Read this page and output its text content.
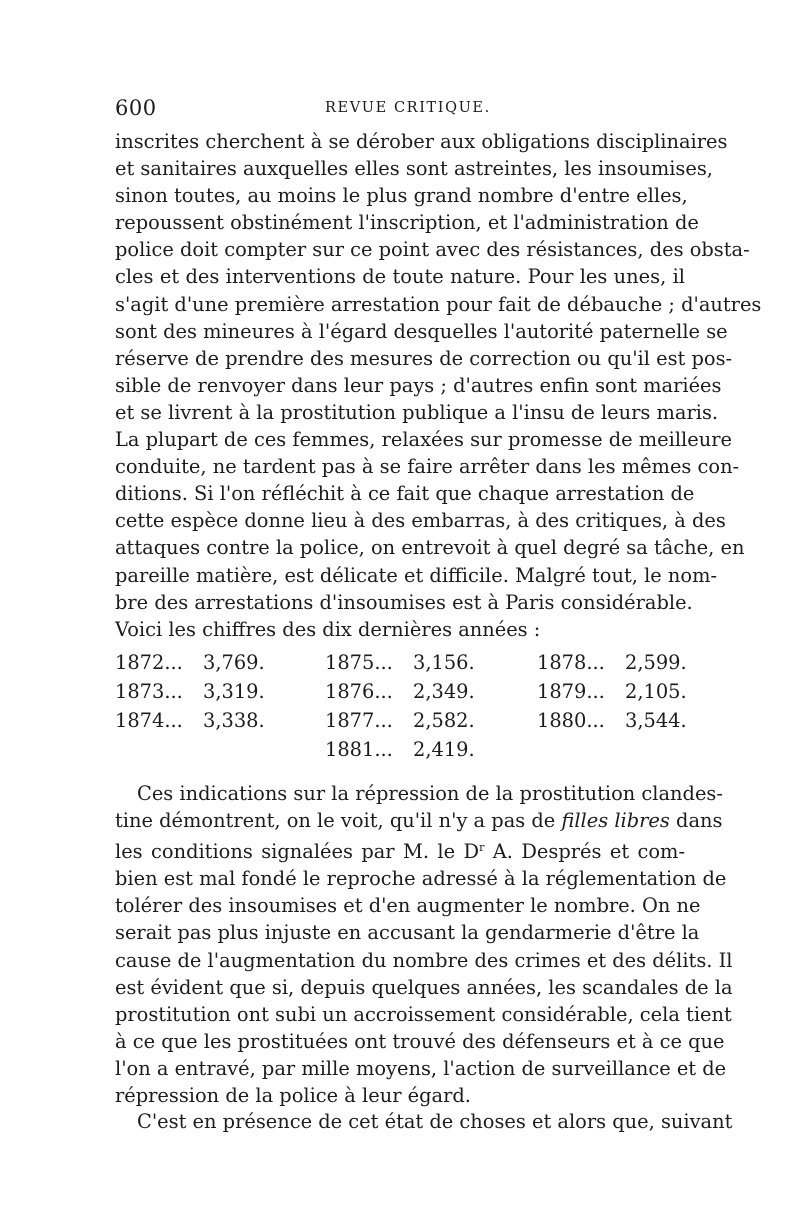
600	REVUE CRITIQUE.

inscrites cherchent à se dérober aux obligations disciplinaires
et sanitaires auxquelles elles sont astreintes, les insoumises,
sinon toutes, au moins le plus grand nombre d'entre elles,
repoussent obstinément l'inscription, et l'administration de
police doit compter sur ce point avec des résistances, des obsta-
cles et des interventions de toute nature. Pour les unes, il
s'agit d'une première arrestation pour fait de débauche ; d'autres
sont des mineures à l'égard desquelles l'autorité paternelle se
réserve de prendre des mesures de correction ou qu'il est pos-
sible de renvoyer dans leur pays ; d'autres enfin sont mariées
et se livrent à la prostitution publique a l'insu de leurs maris.
La plupart de ces femmes, relaxées sur promesse de meilleure
conduite, ne tardent pas à se faire arrêter dans les mêmes con-
ditions. Si l'on réfléchit à ce fait que chaque arrestation de
cette espèce donne lieu à des embarras, à des critiques, à des
attaques contre la police, on entrevoit à quel degré sa tâche, en
pareille matière, est délicate et difficile. Malgré tout, le nom-
bre des arrestations d'insoumises est à Paris considérable.
Voici les chiffres des dix dernières années :

1872... 3,769.
1873... 3,319.
1874... 3,338.
1875... 3,156.
1876... 2,349.
1877... 2,582.
1878... 2,599.
1879... 2,105.
1880... 3,544.
1881... 2,419.

Ces indications sur la répression de la prostitution clandes-
tine démontrent, on le voit, qu'il n'y a pas de filles libres dans
les conditions signalées par M. le $D^r$ A. Després et com-
bien est mal fondé le reproche adressé à la réglementation de
tolérer des insoumises et d'en augmenter le nombre. On ne
serait pas plus injuste en accusant la gendarmerie d'être la
cause de l'augmentation du nombre des crimes et des délits. Il
est évident que si, depuis quelques années, les scandales de la
prostitution ont subi un accroissement considérable, cela tient
à ce que les prostituées ont trouvé des défenseurs et à ce que
l'on a entravé, par mille moyens, l'action de surveillance et de
répression de la police à leur égard.

C'est en présence de cet état de choses et alors que, suivant
